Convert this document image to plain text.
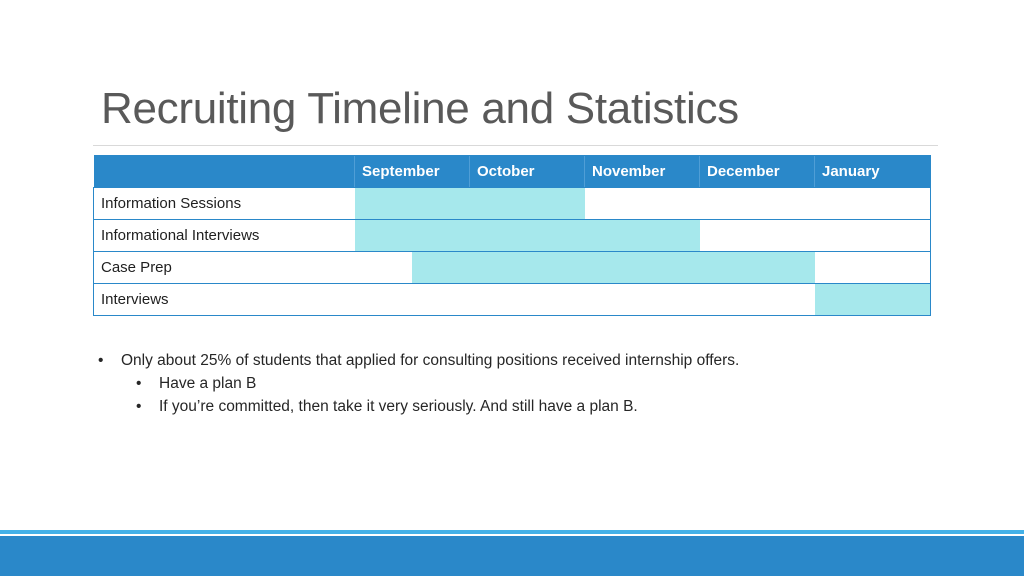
Recruiting Timeline and Statistics
	September	October	November	December	January
Information Sessions	

Informational Interviews	

Case Prep	

Interviews					
•	Only about 25% of students that applied for consulting positions received internship offers.
•	Have a plan B
•	If you’re committed, then take it very seriously. And still have a plan B.
